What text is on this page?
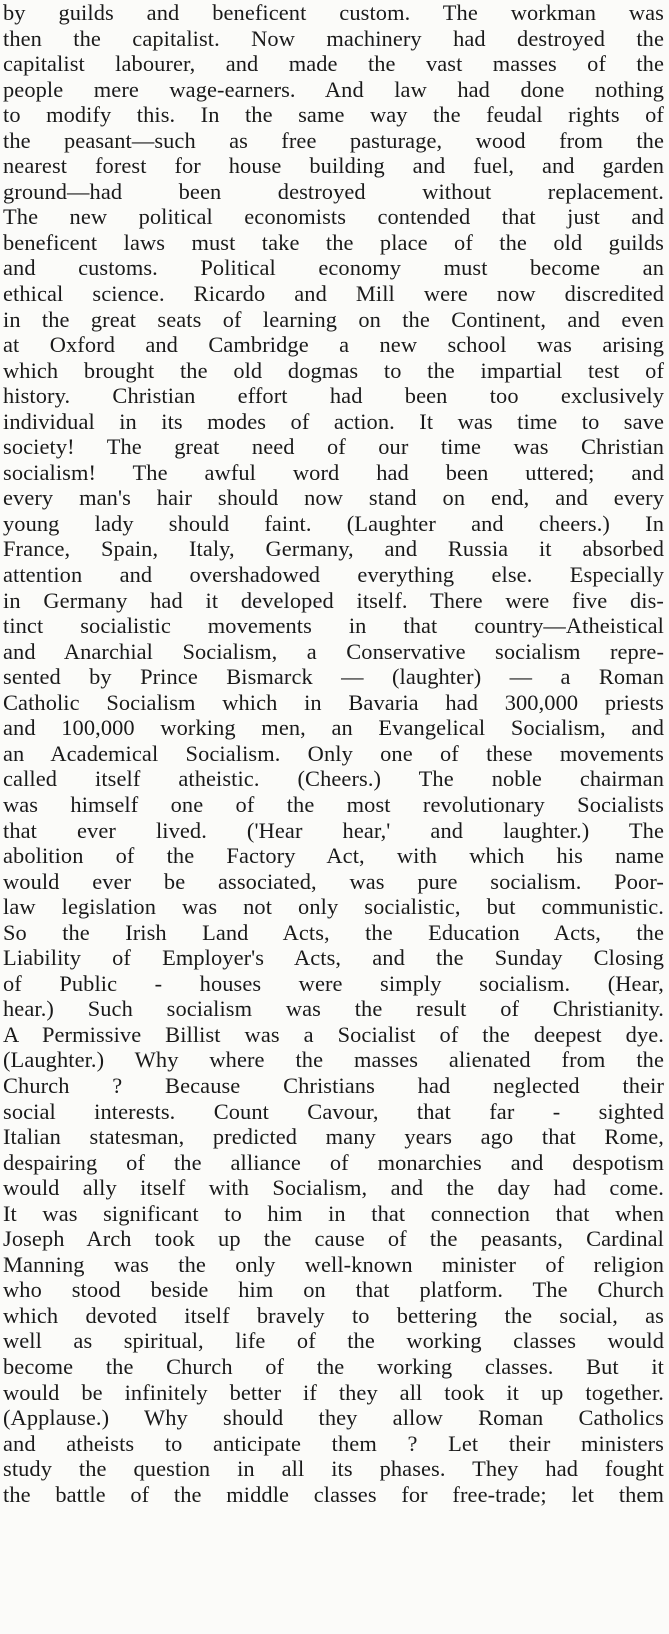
by guilds and beneficent custom. The workman was
then the capitalist. Now machinery had destroyed the
capitalist labourer, and made the vast masses of the
people mere wage-earners. And law had done nothing
to modify this. In the same way the feudal rights of
the peasant—such as free pasturage, wood from the
nearest forest for house building and fuel, and garden
ground—had been destroyed without replacement.
The new political economists contended that just and
beneficent laws must take the place of the old guilds
and customs. Political economy must become an
ethical science. Ricardo and Mill were now discredited
in the great seats of learning on the Continent, and even
at Oxford and Cambridge a new school was arising
which brought the old dogmas to the impartial test of
history. Christian effort had been too exclusively
individual in its modes of action. It was time to save
society! The great need of our time was Christian
socialism! The awful word had been uttered; and
every man's hair should now stand on end, and every
young lady should faint. (Laughter and cheers.) In
France, Spain, Italy, Germany, and Russia it absorbed
attention and overshadowed everything else. Especially
in Germany had it developed itself. There were five dis-
tinct socialistic movements in that country—Atheistical
and Anarchial Socialism, a Conservative socialism repre-
sented by Prince Bismarck — (laughter) — a Roman
Catholic Socialism which in Bavaria had 300,000 priests
and 100,000 working men, an Evangelical Socialism, and
an Academical Socialism. Only one of these movements
called itself atheistic. (Cheers.) The noble chairman
was himself one of the most revolutionary Socialists
that ever lived. ('Hear hear,' and laughter.) The
abolition of the Factory Act, with which his name
would ever be associated, was pure socialism. Poor-
law legislation was not only socialistic, but communistic.
So the Irish Land Acts, the Education Acts, the
Liability of Employer's Acts, and the Sunday Closing
of Public - houses were simply socialism. (Hear,
hear.) Such socialism was the result of Christianity.
A Permissive Billist was a Socialist of the deepest dye.
(Laughter.) Why where the masses alienated from the
Church ? Because Christians had neglected their
social interests. Count Cavour, that far - sighted
Italian statesman, predicted many years ago that Rome,
despairing of the alliance of monarchies and despotism
would ally itself with Socialism, and the day had come.
It was significant to him in that connection that when
Joseph Arch took up the cause of the peasants, Cardinal
Manning was the only well-known minister of religion
who stood beside him on that platform. The Church
which devoted itself bravely to bettering the social, as
well as spiritual, life of the working classes would
become the Church of the working classes. But it
would be infinitely better if they all took it up together.
(Applause.) Why should they allow Roman Catholics
and atheists to anticipate them ? Let their ministers
study the question in all its phases. They had fought
the battle of the middle classes for free-trade; let them
